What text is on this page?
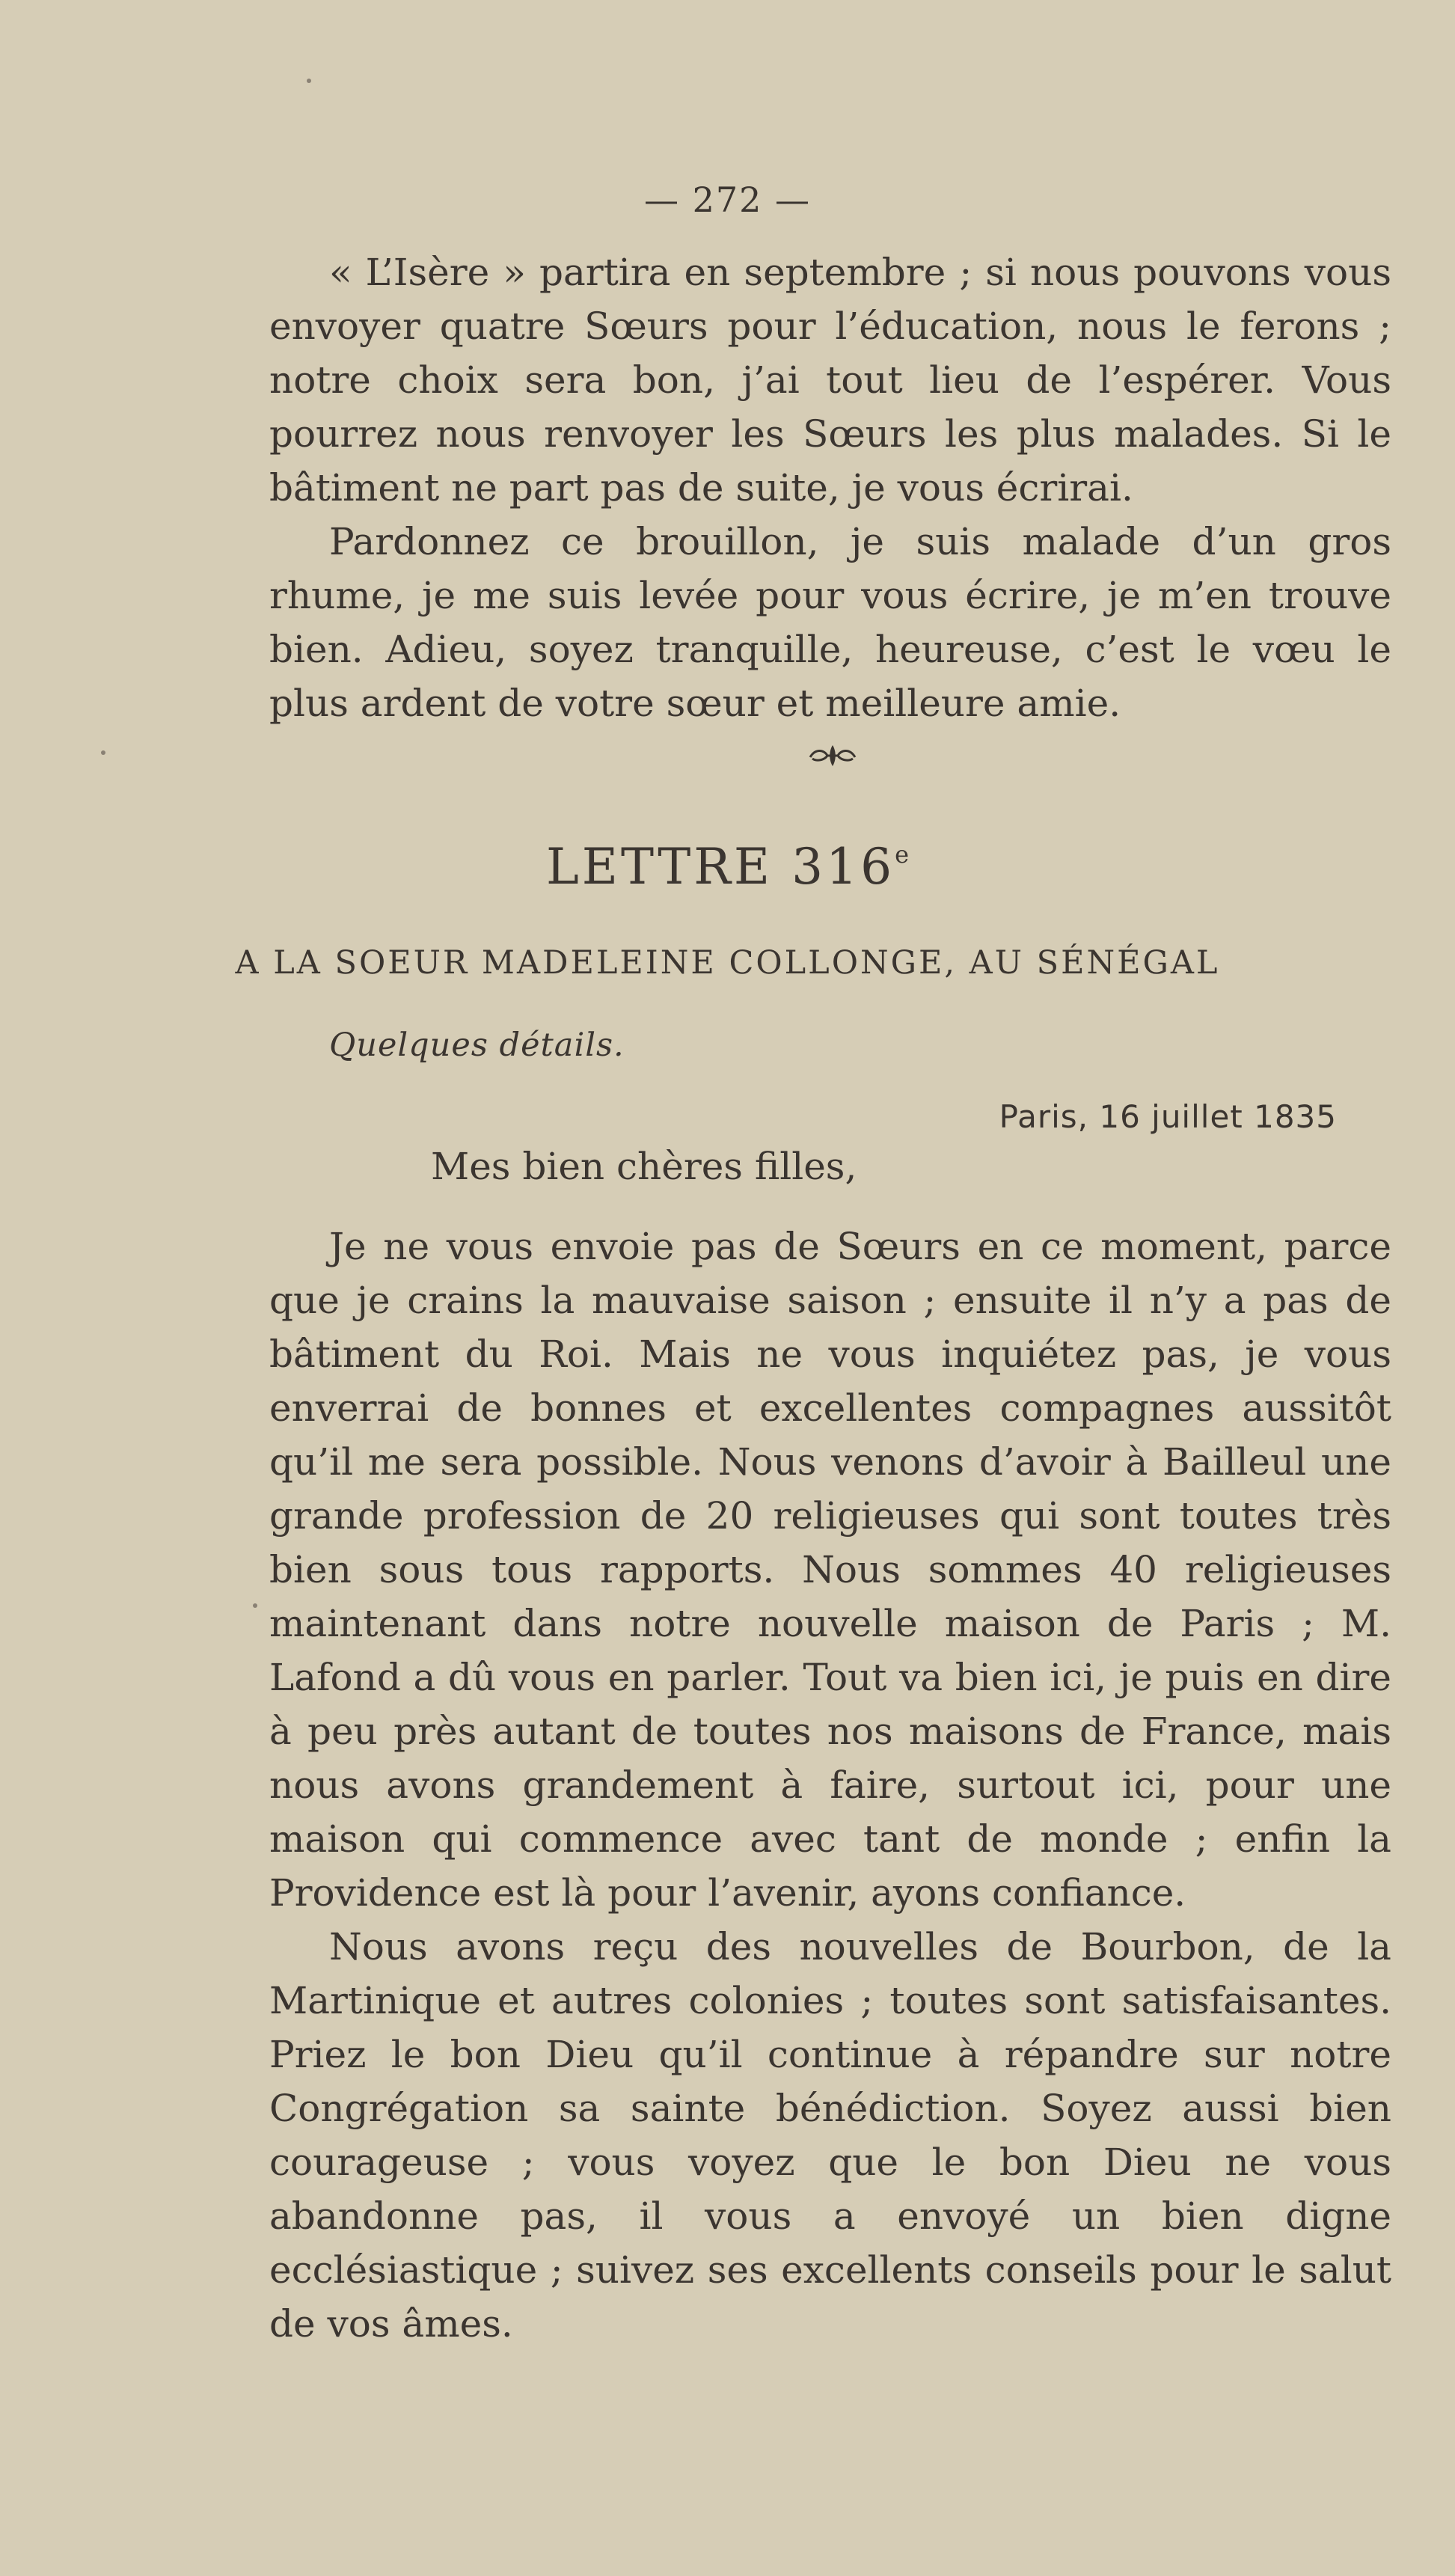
— 272 —

« L’Isère » partira en septembre ; si nous pouvons vous envoyer quatre Sœurs pour l’éducation, nous le ferons ; notre choix sera bon, j’ai tout lieu de l’espérer. Vous pourrez nous renvoyer les Sœurs les plus malades. Si le bâtiment ne part pas de suite, je vous écrirai.

Pardonnez ce brouillon, je suis malade d’un gros rhume, je me suis levée pour vous écrire, je m’en trouve bien. Adieu, soyez tranquille, heureuse, c’est le vœu le plus ardent de votre sœur et meilleure amie.

LETTRE 316e
A LA SOEUR MADELEINE COLLONGE, AU SÉNÉGAL
Quelques détails.
Paris, 16 juillet 1835
Mes bien chères filles,

Je ne vous envoie pas de Sœurs en ce moment, parce que je crains la mauvaise saison ; ensuite il n’y a pas de bâtiment du Roi. Mais ne vous inquiétez pas, je vous enverrai de bonnes et excellentes compagnes aussitôt qu’il me sera possible. Nous venons d’avoir à Bailleul une grande profession de 20 religieuses qui sont toutes très bien sous tous rapports. Nous sommes 40 religieuses maintenant dans notre nouvelle maison de Paris ; M. Lafond a dû vous en parler. Tout va bien ici, je puis en dire à peu près autant de toutes nos maisons de France, mais nous avons grandement à faire, surtout ici, pour une maison qui commence avec tant de monde ; enfin la Providence est là pour l’avenir, ayons confiance.

Nous avons reçu des nouvelles de Bourbon, de la Martinique et autres colonies ; toutes sont satisfaisantes. Priez le bon Dieu qu’il continue à répandre sur notre Congrégation sa sainte bénédiction. Soyez aussi bien courageuse ; vous voyez que le bon Dieu ne vous abandonne pas, il vous a envoyé un bien digne ecclésiastique ; suivez ses excellents conseils pour le salut de vos âmes.
